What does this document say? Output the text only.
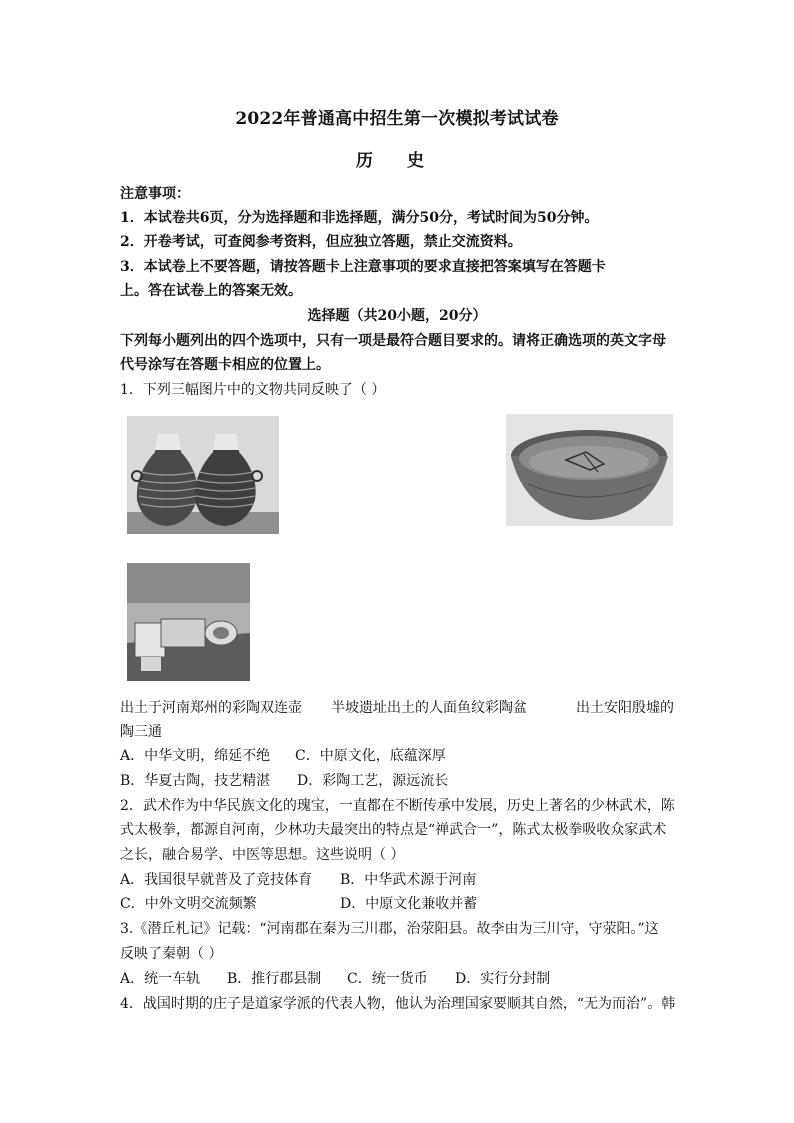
2022年普通高中招生第一次模拟考试试卷
历 史
注意事项：
1．本试卷共6页，分为选择题和非选择题，满分50分，考试时间为50分钟。
2．开卷考试，可查阅参考资料，但应独立答题，禁止交流资料。
3．本试卷上不要答题，请按答题卡上注意事项的要求直接把答案填写在答题卡
上。答在试卷上的答案无效。
选择题（共20小题，20分）
下列每小题列出的四个选项中，只有一项是最符合题目要求的。请将正确选项的英文字母
代号涂写在答题卡相应的位置上。
1．下列三幅图片中的文物共同反映了（ ）
出土于河南郑州的彩陶双连壶 半坡遗址出土的人面鱼纹彩陶盆	出土安阳殷墟的
陶三通
A．中华文明，绵延不绝 C．中原文化，底蕴深厚
B．华夏古陶，技艺精湛 D．彩陶工艺，源远流长
2．武术作为中华民族文化的瑰宝，一直都在不断传承中发展，历史上著名的少林武术，陈
式太极拳，都源自河南，少林功夫最突出的特点是“禅武合一”，陈式太极拳吸收众家武术
之长，融合易学、中医等思想。这些说明（ ）
A．我国很早就普及了竞技体育 B．中华武术源于河南
C．中外文明交流频繁	D．中原文化兼收并蓄
3.《潜丘札记》记载：“河南郡在秦为三川郡，治荥阳县。故李由为三川守，守荥阳。”这
反映了秦朝（ ）
A．统一车轨 B．推行郡县制 C．统一货币 D．实行分封制
4．战国时期的庄子是道家学派的代表人物，他认为治理国家要顺其自然，“无为而治”。韩
